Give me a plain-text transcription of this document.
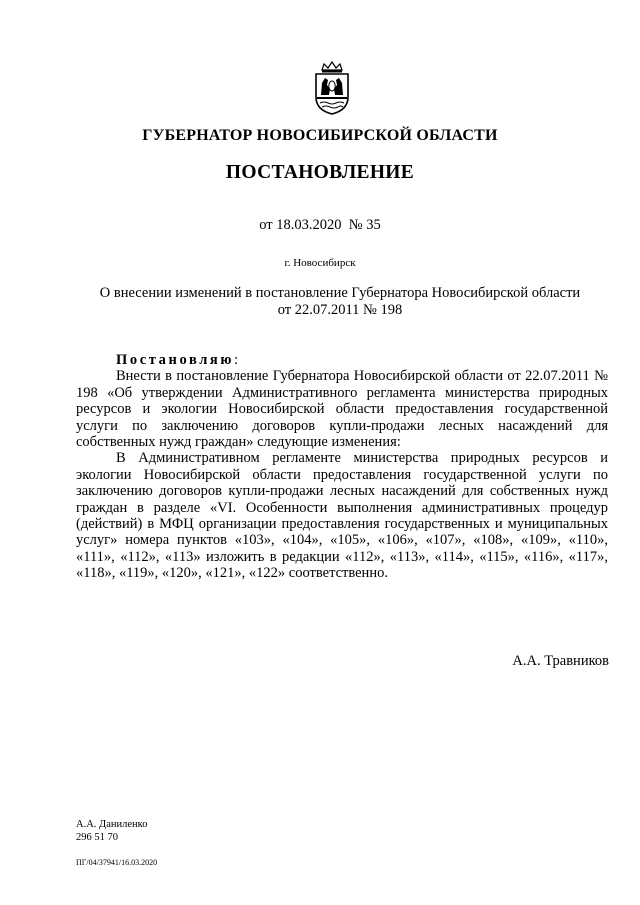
ГУБЕРНАТОР НОВОСИБИРСКОЙ ОБЛАСТИ
ПОСТАНОВЛЕНИЕ
от 18.03.2020  № 35
г. Новосибирск
О внесении изменений в постановление Губернатора Новосибирской области
от 22.07.2011 № 198
Постановляю:

Внести в постановление Губернатора Новосибирской области от 22.07.2011 № 198 «Об утверждении Административного регламента министерства природных ресурсов и экологии Новосибирской области предоставления государственной услуги по заключению договоров купли-продажи лесных насаждений для собственных нужд граждан» следующие изменения:

В Административном регламенте министерства природных ресурсов и экологии Новосибирской области предоставления государственной услуги по заключению договоров купли-продажи лесных насаждений для собственных нужд граждан в разделе «VI. Особенности выполнения административных процедур (действий) в МФЦ организации предоставления государственных и муниципальных услуг» номера пунктов «103», «104», «105», «106», «107», «108», «109», «110», «111», «112», «113» изложить в редакции «112», «113», «114», «115», «116», «117», «118», «119», «120», «121», «122» соответственно.

А.А. Травников
А.А. Даниленко
296 51 70
ПГ/04/37941/16.03.2020
